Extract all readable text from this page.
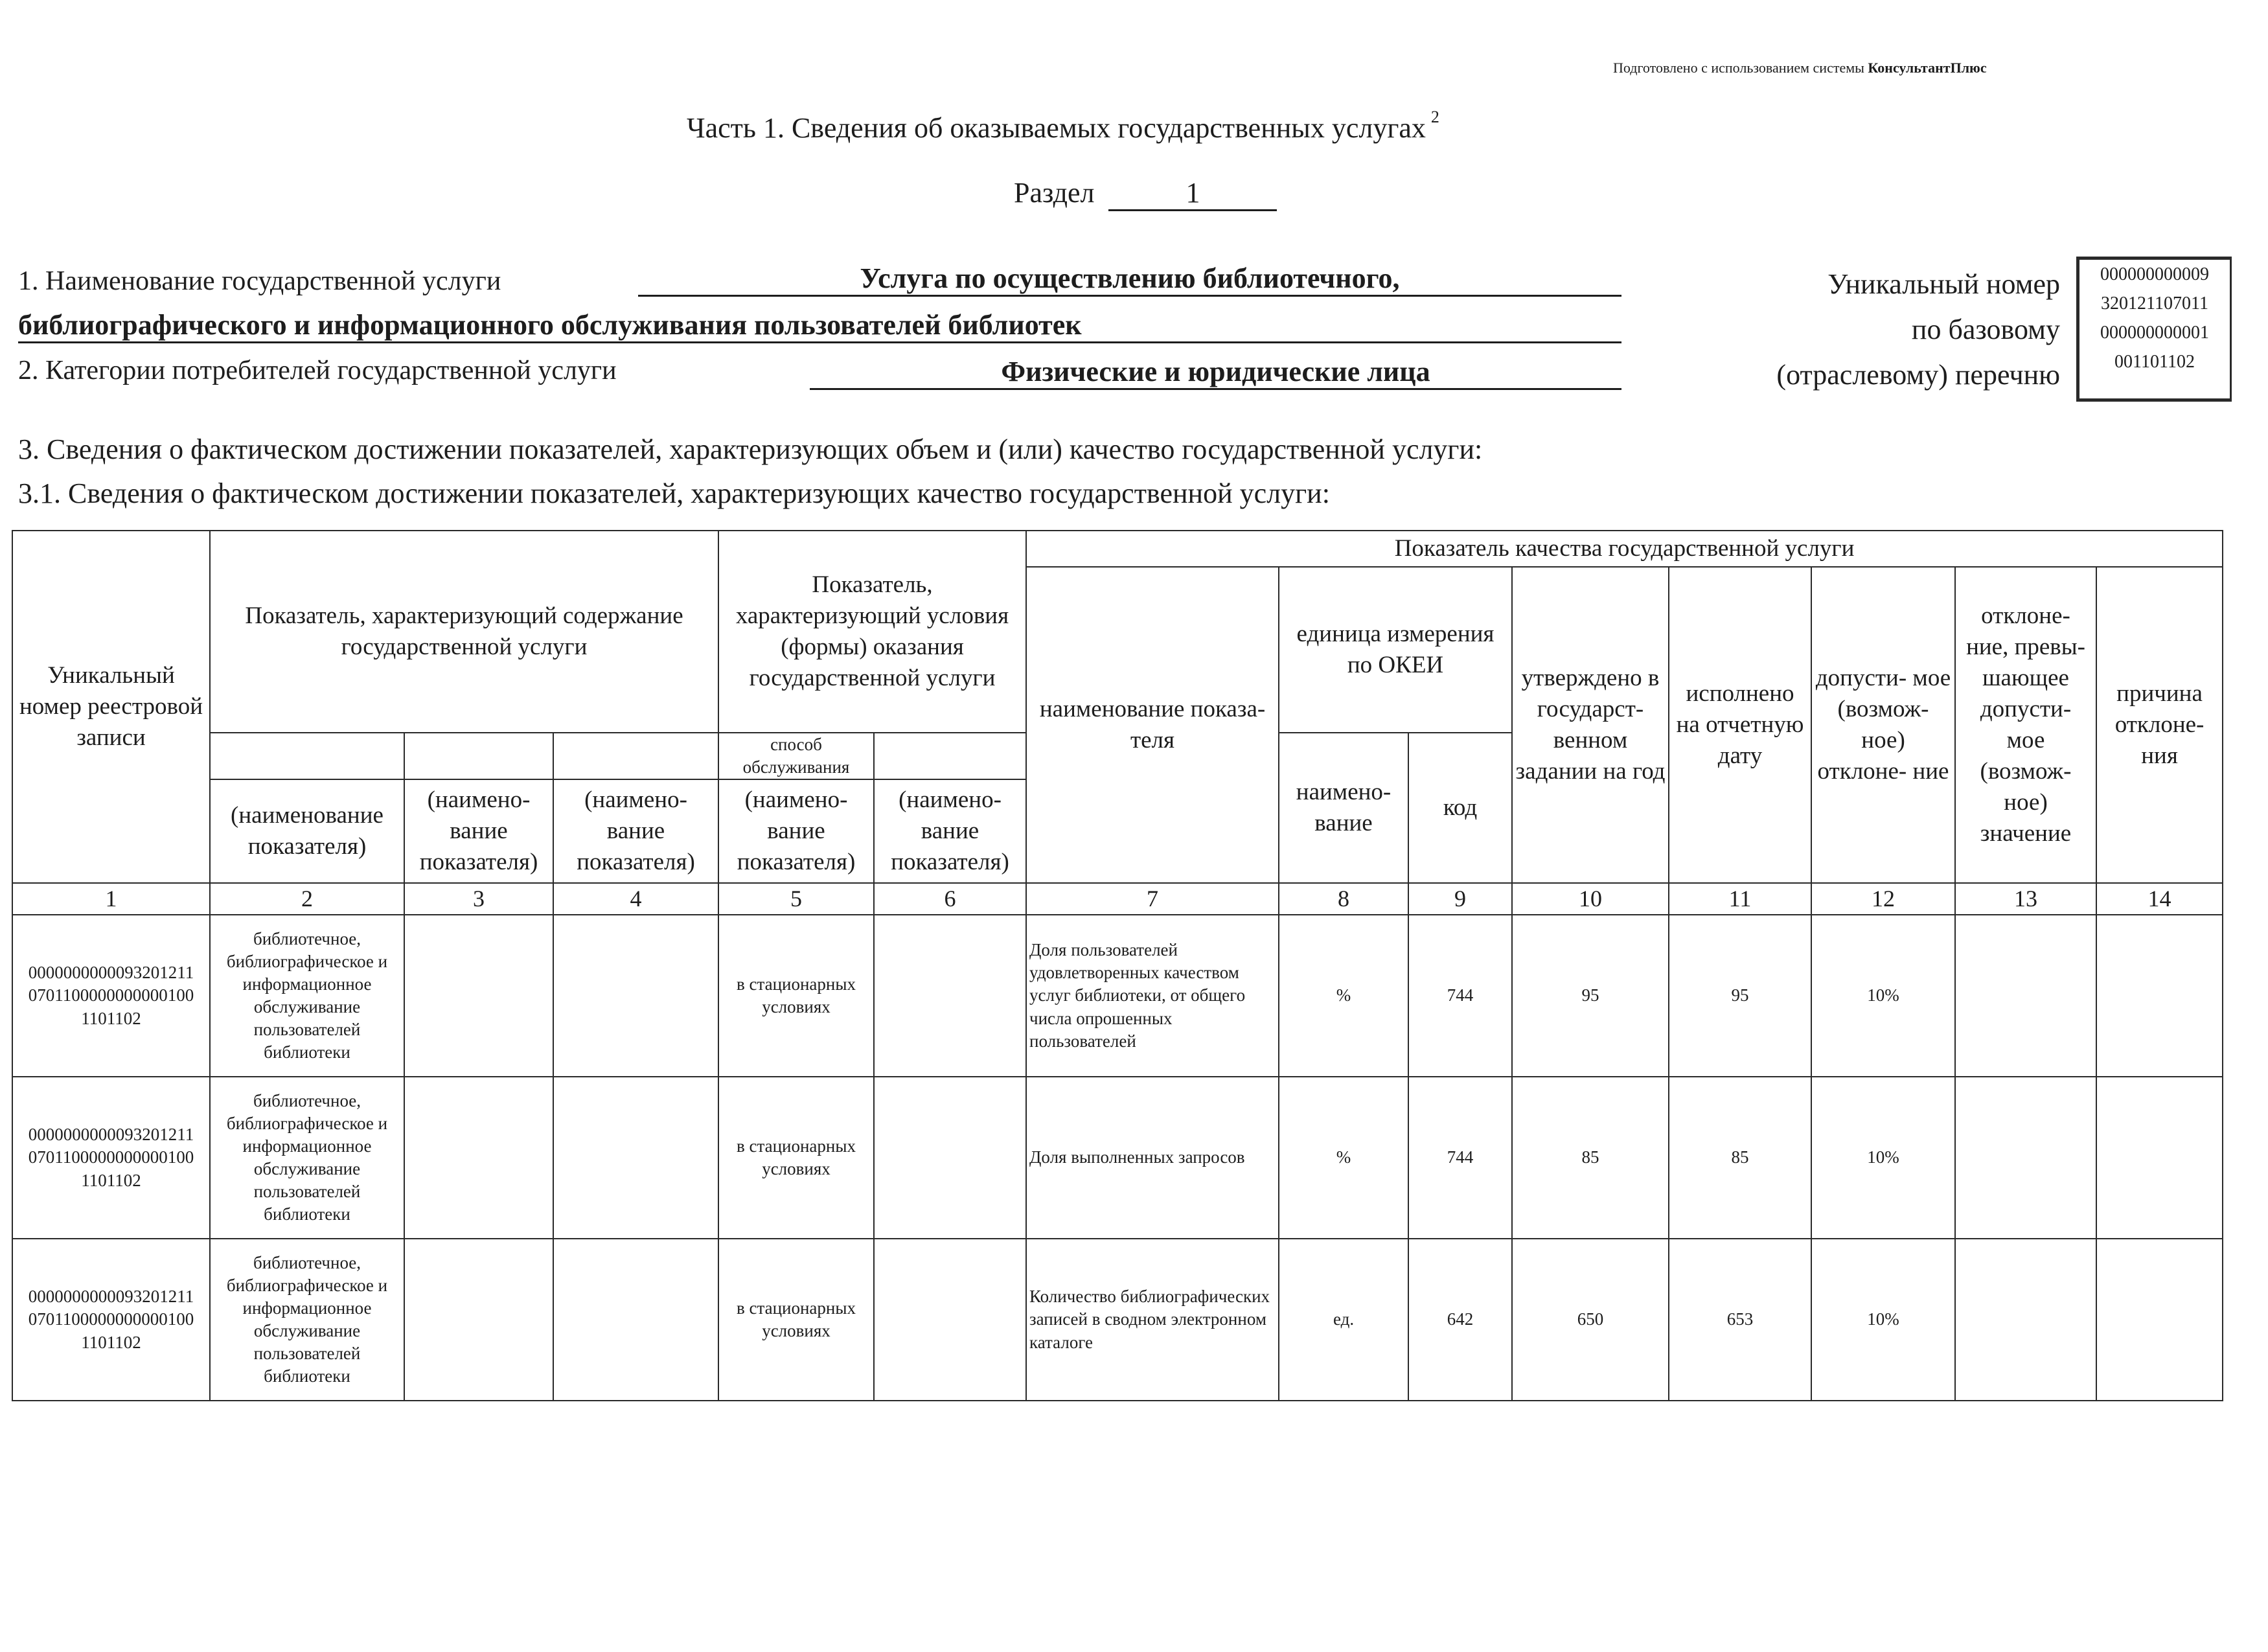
Подготовлено с использованием системы КонсультантПлюс
Часть 1. Сведения об оказываемых государственных услугах $^2$
Раздел	1
1. Наименование государственной услуги	Услуга по осуществлению библиотечного,
библиографического и информационного обслуживания пользователей библиотек
2. Категории потребителей государственной услуги	Физические и юридические лица
Уникальный номер
по базовому
(отраслевому) перечню
000000000009
320121107011
000000000001
001101102
3. Сведения о фактическом достижении показателей, характеризующих объем и (или) качество государственной услуги:
3.1. Сведения о фактическом достижении показателей, характеризующих качество государственной услуги:
Уникальный номер реестровой записи	Показатель, характеризующий содержание государственной услуги			Показатель, характеризующий условия (формы) оказания государственной услуги		Показатель качества государственной услуги							
						наименование показа- теля	единица измерения по ОКЕИ		утверждено в государст- венном задании на год	исполнено на отчетную дату	допусти- мое (возмож- ное) отклоне- ние	отклоне- ние, превы- шающее допусти- мое (возмож- ное) значение	причина отклоне- ния
				способ обслуживания			наимено- вание	код					
	(наименование показателя)	(наимено- вание показателя)	(наимено- вание показателя)	(наимено- вание показателя)	(наимено- вание показателя)								
1	2	3	4	5	6	7	8	9	10	11	12	13	14
0000000000093201211 0701100000000000100 1101102	библиотечное, библиографическое и информационное обслуживание пользователей библиотеки			в стационарных условиях		Доля пользователей удовлетворенных качеством услуг библиотеки, от общего числа опрошенных пользователей	%	744	95	95	10%		
0000000000093201211 0701100000000000100 1101102	библиотечное, библиографическое и информационное обслуживание пользователей библиотеки			в стационарных условиях		Доля выполненных запросов	%	744	85	85	10%		
0000000000093201211 0701100000000000100 1101102	библиотечное, библиографическое и информационное обслуживание пользователей библиотеки			в стационарных условиях		Количество библиографических записей в сводном электронном каталоге	ед.	642	650	653	10%		
